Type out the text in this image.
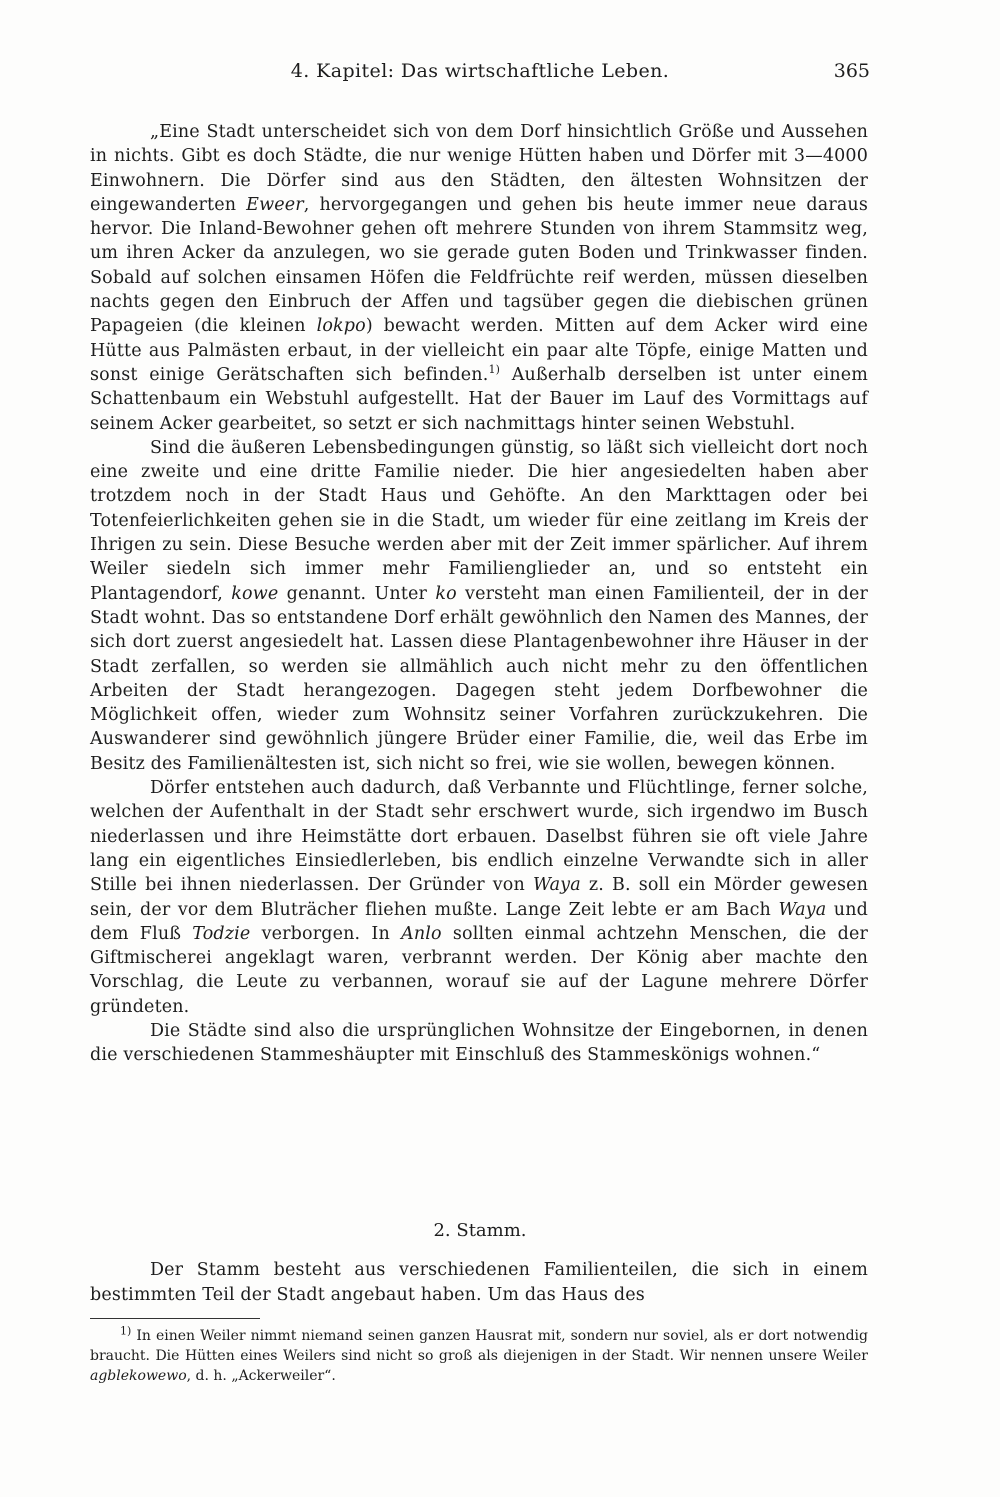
4. Kapitel: Das wirtschaftliche Leben.	365

„Eine Stadt unterscheidet sich von dem Dorf hinsichtlich Größe und Aussehen in nichts. Gibt es doch Städte, die nur wenige Hütten haben und Dörfer mit 3—4000 Einwohnern. Die Dörfer sind aus den Städten, den ältesten Wohnsitzen der eingewanderten Eweer, hervorgegangen und gehen bis heute immer neue daraus hervor. Die Inland-Bewohner gehen oft mehrere Stunden von ihrem Stammsitz weg, um ihren Acker da anzulegen, wo sie gerade guten Boden und Trinkwasser finden. Sobald auf solchen einsamen Höfen die Feldfrüchte reif werden, müssen dieselben nachts gegen den Einbruch der Affen und tagsüber gegen die diebischen grünen Papageien (die kleinen lokpo) bewacht werden. Mitten auf dem Acker wird eine Hütte aus Palmästen erbaut, in der vielleicht ein paar alte Töpfe, einige Matten und sonst einige Gerätschaften sich befinden.$^{1)}$ Außerhalb derselben ist unter einem Schattenbaum ein Webstuhl aufgestellt. Hat der Bauer im Lauf des Vormittags auf seinem Acker gearbeitet, so setzt er sich nachmittags hinter seinen Webstuhl.

Sind die äußeren Lebensbedingungen günstig, so läßt sich vielleicht dort noch eine zweite und eine dritte Familie nieder. Die hier angesiedelten haben aber trotzdem noch in der Stadt Haus und Gehöfte. An den Markttagen oder bei Totenfeierlichkeiten gehen sie in die Stadt, um wieder für eine zeitlang im Kreis der Ihrigen zu sein. Diese Besuche werden aber mit der Zeit immer spärlicher. Auf ihrem Weiler siedeln sich immer mehr Familienglieder an, und so entsteht ein Plantagendorf, kowe genannt. Unter ko versteht man einen Familienteil, der in der Stadt wohnt. Das so entstandene Dorf erhält gewöhnlich den Namen des Mannes, der sich dort zuerst angesiedelt hat. Lassen diese Plantagenbewohner ihre Häuser in der Stadt zerfallen, so werden sie allmählich auch nicht mehr zu den öffentlichen Arbeiten der Stadt herangezogen. Dagegen steht jedem Dorfbewohner die Möglichkeit offen, wieder zum Wohnsitz seiner Vorfahren zurückzukehren. Die Auswanderer sind gewöhnlich jüngere Brüder einer Familie, die, weil das Erbe im Besitz des Familienältesten ist, sich nicht so frei, wie sie wollen, bewegen können.

Dörfer entstehen auch dadurch, daß Verbannte und Flüchtlinge, ferner solche, welchen der Aufenthalt in der Stadt sehr erschwert wurde, sich irgendwo im Busch niederlassen und ihre Heimstätte dort erbauen. Daselbst führen sie oft viele Jahre lang ein eigentliches Einsiedlerleben, bis endlich einzelne Verwandte sich in aller Stille bei ihnen niederlassen. Der Gründer von Waya z. B. soll ein Mörder gewesen sein, der vor dem Bluträcher fliehen mußte. Lange Zeit lebte er am Bach Waya und dem Fluß Todzie verborgen. In Anlo sollten einmal achtzehn Menschen, die der Giftmischerei angeklagt waren, verbrannt werden. Der König aber machte den Vorschlag, die Leute zu verbannen, worauf sie auf der Lagune mehrere Dörfer gründeten.

Die Städte sind also die ursprünglichen Wohnsitze der Eingebornen, in denen die verschiedenen Stammeshäupter mit Einschluß des Stammeskönigs wohnen.“

2. Stamm.

Der Stamm besteht aus verschiedenen Familienteilen, die sich in einem bestimmten Teil der Stadt angebaut haben. Um das Haus des

$^{1)}$ In einen Weiler nimmt niemand seinen ganzen Hausrat mit, sondern nur soviel, als er dort notwendig braucht. Die Hütten eines Weilers sind nicht so groß als diejenigen in der Stadt. Wir nennen unsere Weiler agblekowewo, d. h. „Ackerweiler“.
